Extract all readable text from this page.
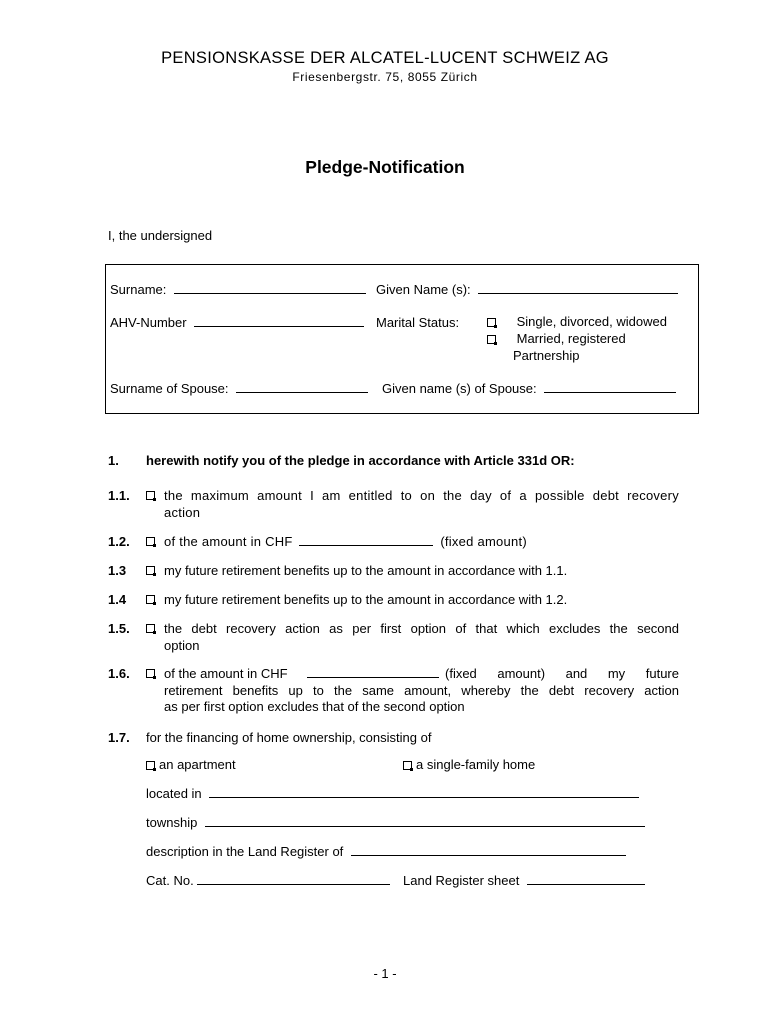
PENSIONSKASSE DER ALCATEL-LUCENT SCHWEIZ AG
Friesenbergstr. 75, 8055 Zürich
Pledge-Notification
I, the undersigned
Surname:	Given Name (s):
AHV-Number	Marital Status:	Single, divorced, widowed
Married, registered
Partnership
Surname of Spouse:	Given name (s) of Spouse:
1. herewith notify you of the pledge in accordance with Article 331d OR:
1.1.	the maximum amount I am entitled to on the day of a possible debt recovery
action
1.2.	of the amount in CHF	(fixed amount)
1.3	my future retirement benefits up to the amount in accordance with 1.1.
1.4	my future retirement benefits up to the amount in accordance with 1.2.
1.5.	the debt recovery action as per first option of that which excludes the second
option
1.6.	of the amount in CHF	(fixed amount) and my future
retirement benefits up to the same amount, whereby the debt recovery action
as per first option excludes that of the second option
1.7. for the financing of home ownership, consisting of
an apartment	a single-family home
located in
township
description in the Land Register of
Cat. No.	Land Register sheet
- 1 -
